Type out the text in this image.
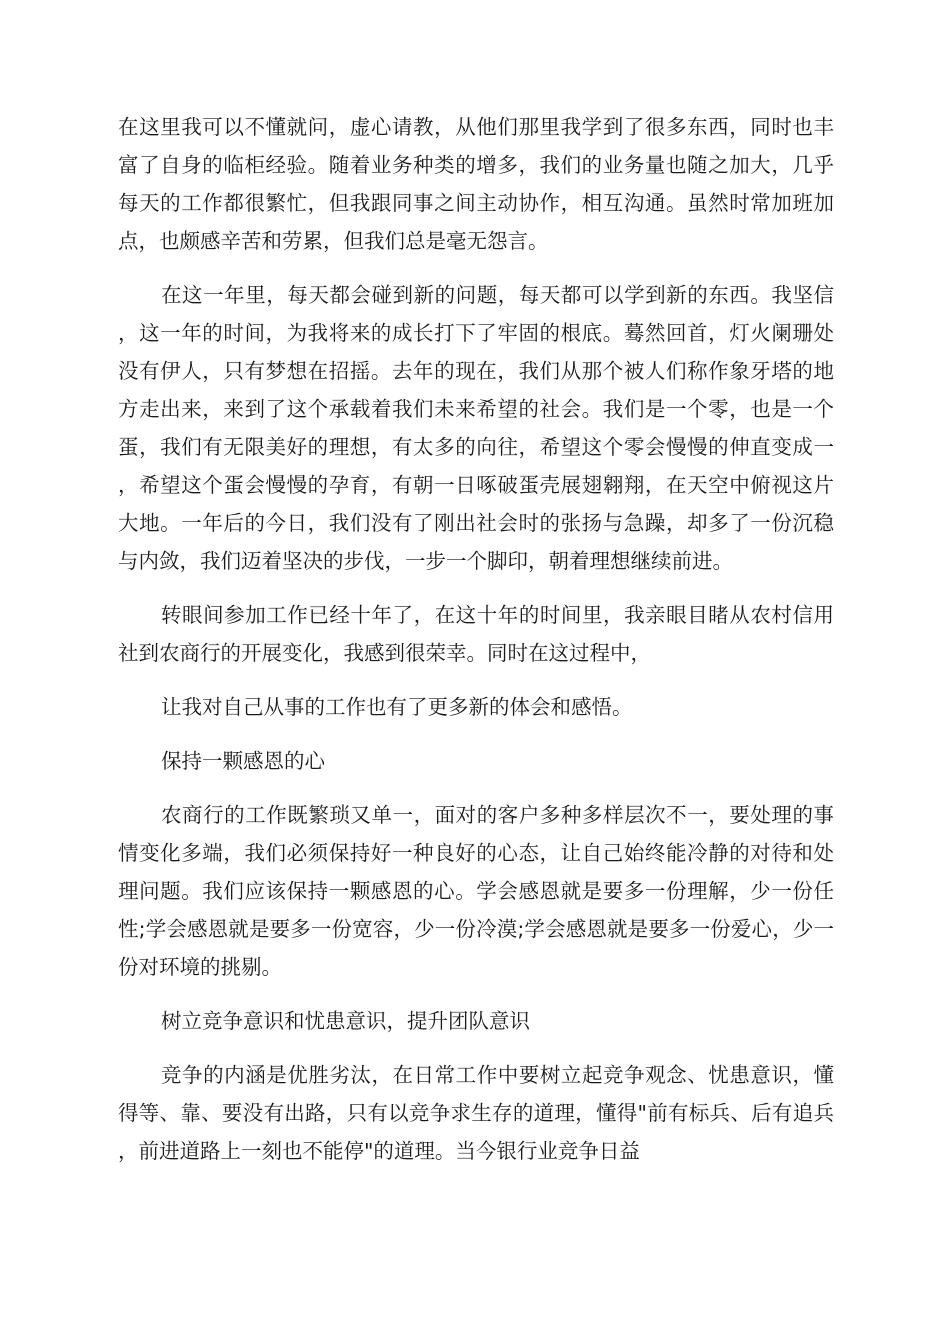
在这里我可以不懂就问，虚心请教，从他们那里我学到了很多东西，同时也丰富了自身的临柜经验。随着业务种类的增多，我们的业务量也随之加大，几乎每天的工作都很繁忙，但我跟同事之间主动协作，相互沟通。虽然时常加班加点，也颇感辛苦和劳累，但我们总是毫无怨言。

在这一年里，每天都会碰到新的问题，每天都可以学到新的东西。我坚信，这一年的时间，为我将来的成长打下了牢固的根底。蓦然回首，灯火阑珊处没有伊人，只有梦想在招摇。去年的现在，我们从那个被人们称作象牙塔的地方走出来，来到了这个承载着我们未来希望的社会。我们是一个零，也是一个蛋，我们有无限美好的理想，有太多的向往，希望这个零会慢慢的伸直变成一，希望这个蛋会慢慢的孕育，有朝一日啄破蛋壳展翅翱翔，在天空中俯视这片大地。一年后的今日，我们没有了刚出社会时的张扬与急躁，却多了一份沉稳与内敛，我们迈着坚决的步伐，一步一个脚印，朝着理想继续前进。

转眼间参加工作已经十年了，在这十年的时间里，我亲眼目睹从农村信用社到农商行的开展变化，我感到很荣幸。同时在这过程中，

让我对自己从事的工作也有了更多新的体会和感悟。

保持一颗感恩的心

农商行的工作既繁琐又单一，面对的客户多种多样层次不一，要处理的事情变化多端，我们必须保持好一种良好的心态，让自己始终能冷静的对待和处理问题。我们应该保持一颗感恩的心。学会感恩就是要多一份理解，少一份任性;学会感恩就是要多一份宽容，少一份冷漠;学会感恩就是要多一份爱心，少一份对环境的挑剔。

树立竞争意识和忧患意识，提升团队意识

竞争的内涵是优胜劣汰，在日常工作中要树立起竞争观念、忧患意识，懂得等、靠、要没有出路，只有以竞争求生存的道理，懂得"前有标兵、后有追兵，前进道路上一刻也不能停"的道理。当今银行业竞争日益
